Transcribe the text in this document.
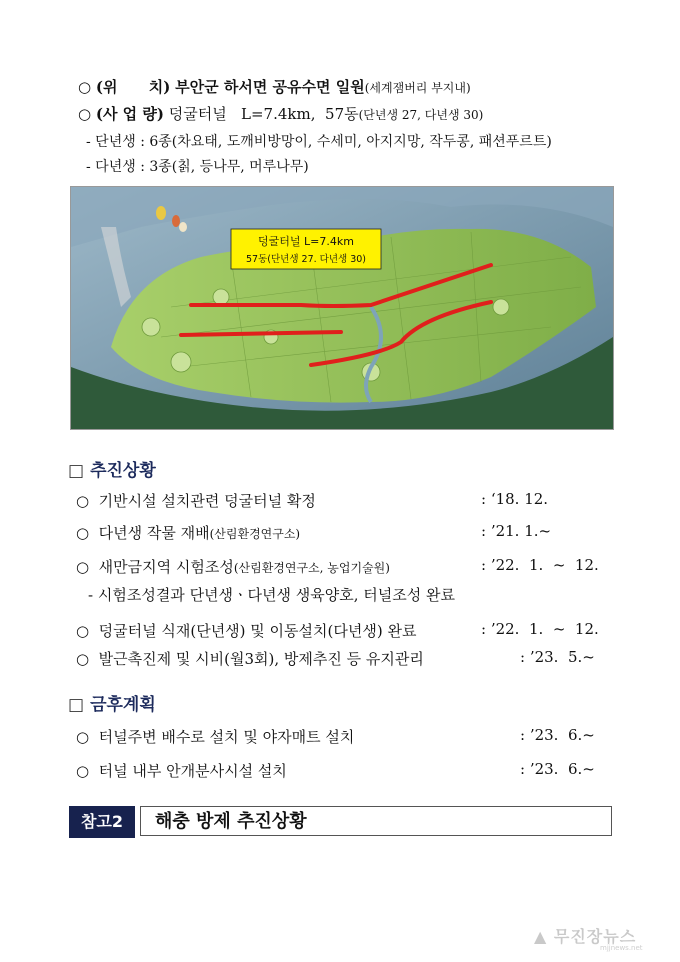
○ (위      치) 부안군 하서면 공유수면 일원(세계잼버리 부지내)
○ (사 업 량) 덩굴터널   L=7.4km,  57동(단년생 27, 다년생 30)
- 단년생 : 6종(차요태, 도깨비방망이, 수세미, 아지지망, 작두콩, 패션푸르트)
- 다년생 : 3종(칡, 등나무, 머루나무)
덩굴터널 L=7.4km
57동(단년생 27. 다년생 30)
□ 추진상황
○ 기반시설 설치관련 덩굴터널 확정	: ‘18. 12.
○ 다년생 작물 재배(산림환경연구소)	: ’21. 1.~
○ 새만금지역 시험조성(산림환경연구소, 농업기술원)	: ’22.  1.  ~  12.
- 시험조성결과 단년생ㆍ다년생 생육양호, 터널조성 완료
○ 덩굴터널 식재(단년생) 및 이동설치(다년생) 완료	: ’22.  1.  ~  12.
○ 발근촉진제 및 시비(월3회), 방제추진 등 유지관리	: ’23.  5.~
□ 금후계획
○ 터널주변 배수로 설치 및 야자매트 설치	: ’23.  6.~
○ 터널 내부 안개분사시설 설치	: ’23.  6.~
참고2	해충 방제 추진상황
▲ 무진장뉴스
mjjnews.net
